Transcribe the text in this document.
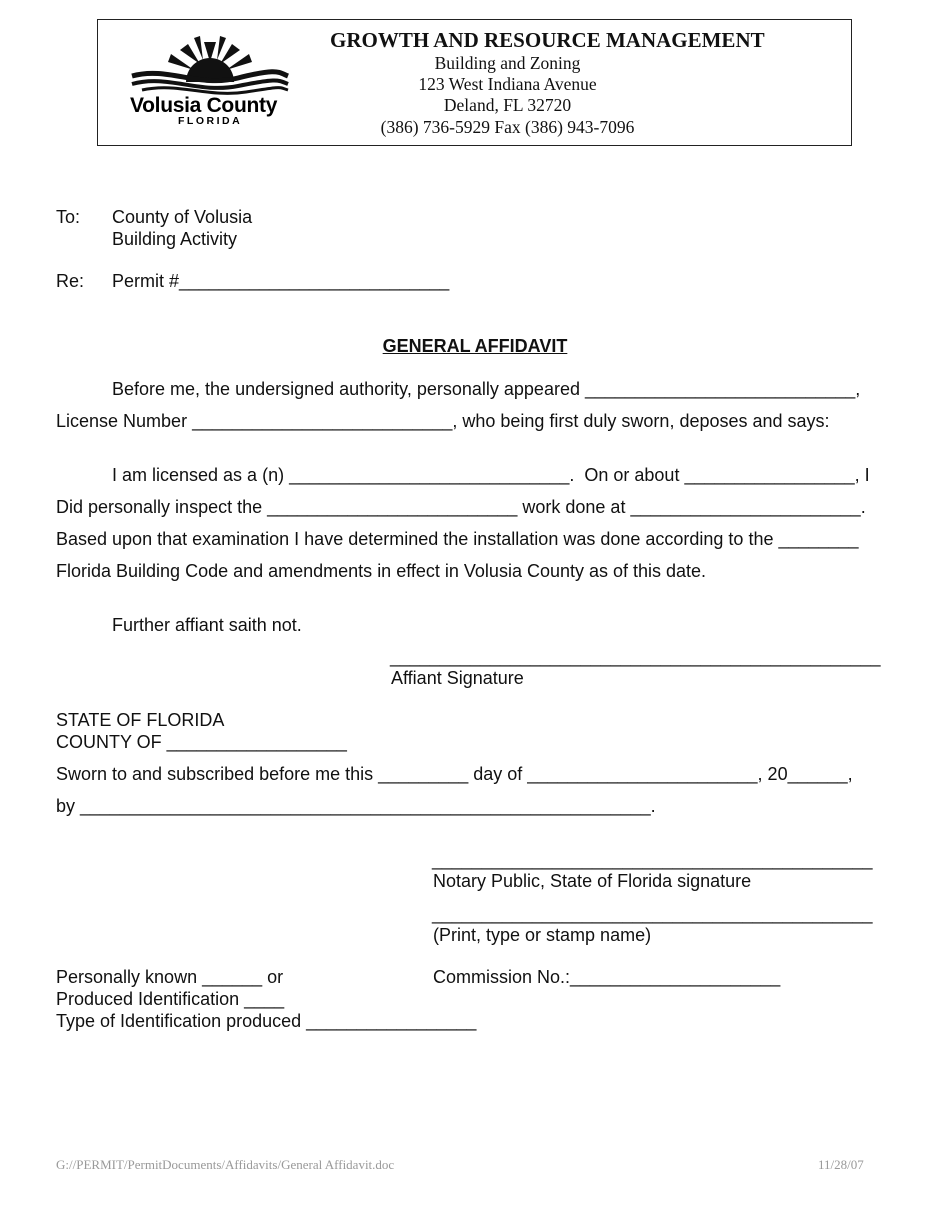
Volusia County
FLORIDA
GROWTH AND RESOURCE MANAGEMENT
Building and Zoning
123 West Indiana Avenue
Deland, FL 32720
(386) 736-5929 Fax (386) 943-7096
To: County of Volusia
Building Activity
Re: Permit #___________________________
GENERAL AFFIDAVIT
Before me, the undersigned authority, personally appeared ___________________________,
License Number __________________________, who being first duly sworn, deposes and says:
I am licensed as a (n) ____________________________.  On or about _________________, I
Did personally inspect the _________________________ work done at _______________________.
Based upon that examination I have determined the installation was done according to the ________
Florida Building Code and amendments in effect in Volusia County as of this date.
Further affiant saith not.
_________________________________________________
Affiant Signature
STATE OF FLORIDA
COUNTY OF __________________
Sworn to and subscribed before me this _________ day of _______________________, 20______,
by _________________________________________________________.
____________________________________________
Notary Public, State of Florida signature
____________________________________________
(Print, type or stamp name)
Commission No.:_____________________
Personally known ______ or
Produced Identification ____
Type of Identification produced _________________
G://PERMIT/PermitDocuments/Affidavits/General Affidavit.doc	11/28/07
